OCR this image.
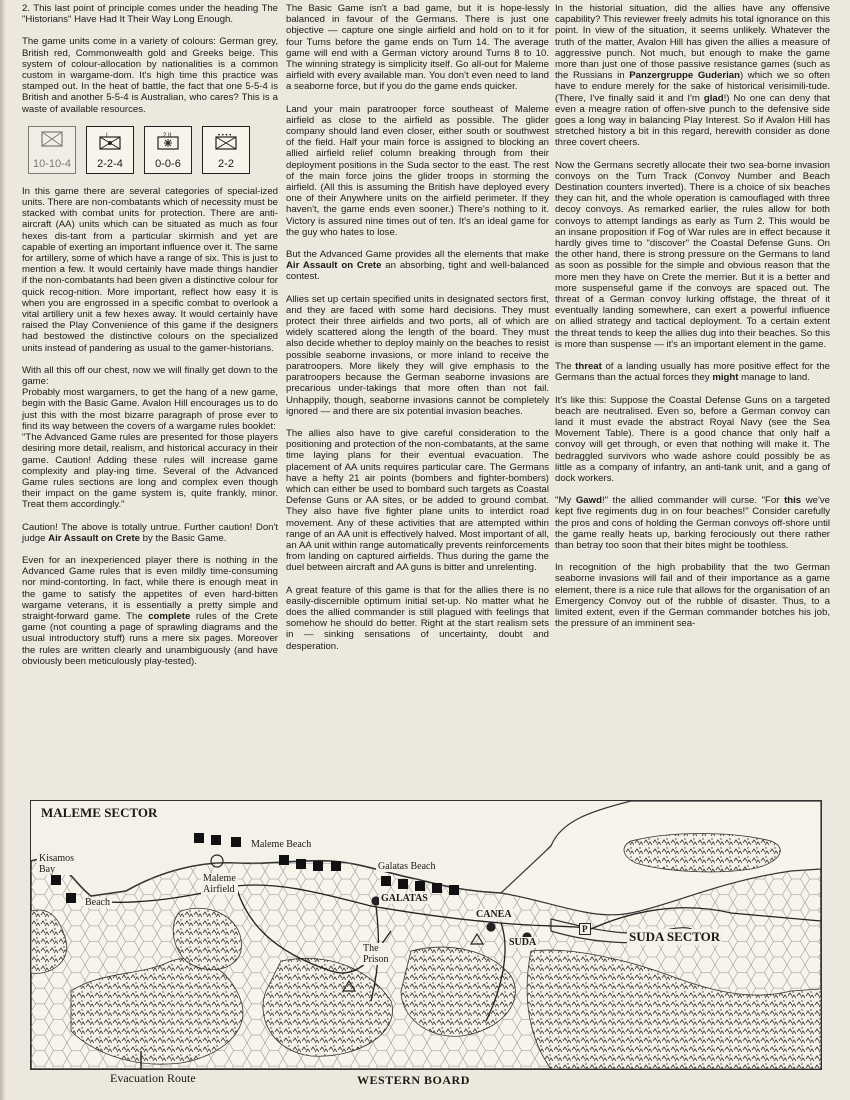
2. This last point of principle comes under the heading The "Historians" Have Had It Their Way Long Enough.

The game units come in a variety of colours: German grey, British red, Commonwealth gold and Greeks beige. This system of colour-allocation by nationalities is a common custom in wargame-dom. It's high time this practice was stamped out. In the heat of battle, the fact that one 5-5-4 is British and another 5-5-4 is Australian, who cares? This is a waste of available resources.

10-10-4
I
2-2-4
2 II
0-0-6
• • • •
2-2

In this game there are several categories of special-ized units. There are non-combatants which of necessity must be stacked with combat units for protection. There are anti-aircraft (AA) units which can be situated as much as four hexes dis-tant from a particular skirmish and yet are capable of exerting an important influence over it. The same for artillery, some of which have a range of six. This is just to mention a few. It would certainly have made things handier if the non-combatants had been given a distinctive colour for quick recog-nition. More important, reflect how easy it is when you are engrossed in a specific combat to overlook a vital artillery unit a few hexes away. It would certainly have raised the Play Convenience of this game if the designers had bestowed the distinctive colours on the specialized units instead of pandering as usual to the gamer-historians.

With all this off our chest, now we will finally get down to the game:
Probably most wargamers, to get the hang of a new game, begin with the Basic Game. Avalon Hill encourages us to do just this with the most bizarre paragraph of prose ever to find its way between the covers of a wargame rules booklet:
"The Advanced Game rules are presented for those players desiring more detail, realism, and historical accuracy in their game. Caution! Adding these rules will increase game complexity and play-ing time. Several of the Advanced Game rules sections are long and complex even though their impact on the game system is, quite frankly, minor. Treat them accordingly."

Caution! The above is totally untrue. Further caution! Don't judge Air Assault on Crete by the Basic Game.

Even for an inexperienced player there is nothing in the Advanced Game rules that is even mildly time-consuming nor mind-contorting. In fact, while there is enough meat in the game to satisfy the appetites of even hard-bitten wargame veterans, it is essentially a pretty simple and straight-forward game. The complete rules of the Crete game (not counting a page of sprawling diagrams and the usual introductory stuff) runs a mere six pages. Moreover the rules are written clearly and unambiguously (and have obviously been meticulously play-tested).

The Basic Game isn't a bad game, but it is hope-lessly balanced in favour of the Germans. There is just one objective — capture one single airfield and hold on to it for four Turns before the game ends on Turn 14. The average game will end with a German victory around Turns 8 to 10. The winning strategy is simplicity itself. Go all-out for Maleme airfield with every available man. You don't even need to land a seaborne force, but if you do the game ends quicker.

Land your main paratrooper force southeast of Maleme airfield as close to the airfield as possible. The glider company should land even closer, either south or southwest of the field. Half your main force is assigned to blocking an allied airfield relief column breaking through from their deployment positions in the Suda sector to the east. The rest of the main force joins the glider troops in storming the airfield. (All this is assuming the British have deployed every one of their Anywhere units on the airfield perimeter. If they haven't, the game ends even sooner.) There's nothing to it. Victory is assured nine times out of ten. It's an ideal game for the guy who hates to lose.

But the Advanced Game provides all the elements that make Air Assault on Crete an absorbing, tight and well-balanced contest.

Allies set up certain specified units in designated sectors first, and they are faced with some hard decisions. They must protect their three airfields and two ports, all of which are widely scattered along the length of the board. They must also decide whether to deploy mainly on the beaches to resist possible seaborne invasions, or more inland to receive the paratroopers. More likely they will give emphasis to the paratroopers because the German seaborne invasions are precarious under-takings that more often than not fail. Unhappily, though, seaborne invasions cannot be completely ignored — and there are six potential invasion beaches.

The allies also have to give careful consideration to the positioning and protection of the non-combatants, at the same time laying plans for their eventual evacuation. The placement of AA units requires particular care. The Germans have a hefty 21 air points (bombers and fighter-bombers) which can either be used to bombard such targets as Coastal Defense Guns or AA sites, or be added to ground combat. They also have five fighter plane units to interdict road movement. Any of these activities that are attempted within range of an AA unit is effectively halved. Most important of all, an AA unit within range automatically prevents reinforcements from landing on captured airfields. Thus during the game the duel between aircraft and AA guns is bitter and unrelenting.

A great feature of this game is that for the allies there is no easily-discernible optimum initial set-up. No matter what he does the allied commander is still plagued with feelings that somehow he should do better. Right at the start realism sets in — sinking sensations of uncertainty, doubt and desperation.

In the historial situation, did the allies have any offensive capability? This reviewer freely admits his total ignorance on this point. In view of the situation, it seems unlikely. Whatever the truth of the matter, Avalon Hill has given the allies a measure of aggressive punch. Not much, but enough to make the game more than just one of those passive resistance games (such as the Russians in Panzergruppe Guderian) which we so often have to endure merely for the sake of historical verisimili-tude. (There, I've finally said it and I'm glad!) No one can deny that even a meagre ration of offen-sive punch to the defensive side goes a long way in balancing Play Interest. So if Avalon Hill has stretched history a bit in this regard, herewith consider as done three covert cheers.

Now the Germans secretly allocate their two sea-borne invasion convoys on the Turn Track (Convoy Number and Beach Destination counters inverted). There is a choice of six beaches they can hit, and the whole operation is camouflaged with three decoy convoys. As remarked earlier, the rules allow for both convoys to attempt landings as early as Turn 2. This would be an insane proposition if Fog of War rules are in effect because it hardly gives time to "discover" the Coastal Defense Guns. On the other hand, there is strong pressure on the Germans to land as soon as possible for the simple and obvious reason that the more men they have on Crete the merrier. But it is a better and more suspenseful game if the convoys are spaced out. The threat of a German convoy lurking offstage, the threat of it eventually landing somewhere, can exert a powerful influence on allied strategy and tactical deployment. To a certain extent the threat tends to keep the allies dug into their beaches. So this is more than suspense — it's an important element in the game.

The threat of a landing usually has more positive effect for the Germans than the actual forces they might manage to land.

It's like this: Suppose the Coastal Defense Guns on a targeted beach are neutralised. Even so, before a German convoy can land it must evade the abstract Royal Navy (see the Sea Movement Table). There is a good chance that only half a convoy will get through, or even that nothing will make it. The bedraggled survivors who wade ashore could possibly be as little as a company of infantry, an anti-tank unit, and a gang of dock workers.

"My Gawd!" the allied commander will curse. "For this we've kept five regiments dug in on four beaches!" Consider carefully the pros and cons of holding the German convoys off-shore until the game really heats up, barking ferociously out there rather than betray too soon that their bites might be toothless.

In recognition of the high probability that the two German seaborne invasions will fail and of their importance as a game element, there is a nice rule that allows for the organisation of an Emergency Convoy out of the rubble of disaster. Thus, to a limited extent, even if the German commander botches his job, the pressure of an imminent sea-

MALEME SECTOR
Kisamos
Bay
Beach
Maleme
Airfield
Maleme Beach
Galatas Beach
GALATAS
CANEA
SUDA
The
Prison
SUDA SECTOR
P
Evacuation Route	WESTERN BOARD
